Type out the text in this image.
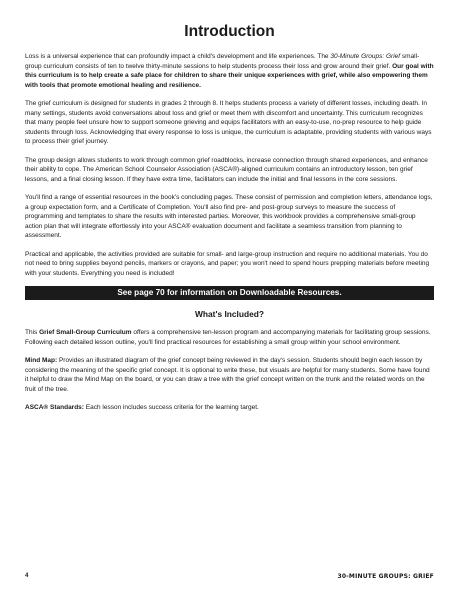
Introduction

Loss is a universal experience that can profoundly impact a child's development and life experiences. The 30-Minute Groups: Grief small-group curriculum consists of ten to twelve thirty-minute sessions to help students process their loss and grow around their grief. Our goal with this curriculum is to help create a safe place for children to share their unique experiences with grief, while also empowering them with tools that promote emotional healing and resilience.

The grief curriculum is designed for students in grades 2 through 8. It helps students process a variety of different losses, including death. In many settings, students avoid conversations about loss and grief or meet them with discomfort and uncertainty. This curriculum recognizes that many people feel unsure how to support someone grieving and equips facilitators with an easy-to-use, no-prep resource to help guide students through loss. Acknowledging that every response to loss is unique, the curriculum is adaptable, providing students with various ways to process their grief journey.

The group design allows students to work through common grief roadblocks, increase connection through shared experiences, and enhance their ability to cope. The American School Counselor Association (ASCA®)-aligned curriculum contains an introductory lesson, ten grief lessons, and a final closing lesson. If they have extra time, facilitators can include the initial and final lessons in the core sessions.

You'll find a range of essential resources in the book's concluding pages. These consist of permission and completion letters, attendance logs, a group expectation form, and a Certificate of Completion. You'll also find pre- and post-group surveys to measure the success of programming and templates to share the results with interested parties. Moreover, this workbook provides a comprehensive small-group action plan that will integrate effortlessly into your ASCA® evaluation document and facilitate a seamless transition from planning to assessment.

Practical and applicable, the activities provided are suitable for small- and large-group instruction and require no additional materials. You do not need to bring supplies beyond pencils, markers or crayons, and paper; you won't need to spend hours prepping materials before meeting with your students. Everything you need is included!

See page 70 for information on Downloadable Resources.
What's Included?

This Grief Small-Group Curriculum offers a comprehensive ten-lesson program and accompanying materials for facilitating group sessions. Following each detailed lesson outline, you'll find practical resources for establishing a small group within your school environment.

Mind Map: Provides an illustrated diagram of the grief concept being reviewed in the day's session. Students should begin each lesson by considering the meaning of the specific grief concept. It is optional to write these, but visuals are helpful for many students. Some have found it helpful to draw the Mind Map on the board, or you can draw a tree with the grief concept written on the trunk and the related words on the fruit of the tree.

ASCA® Standards: Each lesson includes success criteria for the learning target.

4	30-MINUTE GROUPS: GRIEF
